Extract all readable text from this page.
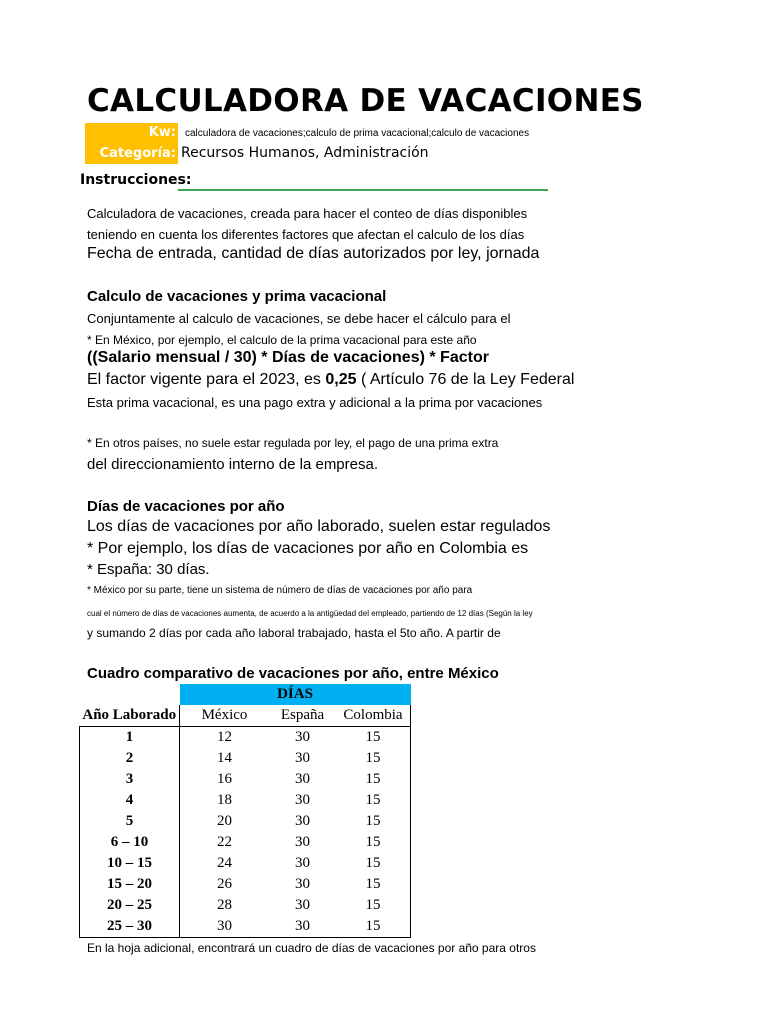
CALCULADORA DE VACACIONES
Kw: calculadora de vacaciones;calculo de prima vacacional;calculo de vacaciones
Categoría: Recursos Humanos, Administración
Instrucciones:
Calculadora de vacaciones, creada para hacer el conteo de días disponibles
teniendo en cuenta los diferentes factores que afectan el calculo de los días
Fecha de entrada, cantidad de días autorizados por ley, jornada
Calculo de vacaciones y prima vacacional
Conjuntamente al calculo de vacaciones, se debe hacer el cálculo para el
* En México, por ejemplo, el calculo de la prima vacacional para este año
((Salario mensual / 30) * Días de vacaciones) * Factor
El factor vigente para el 2023, es 0,25 ( Artículo 76 de la Ley Federal
Esta prima vacacional, es una pago extra y adicional a la prima por vacaciones
* En otros países, no suele estar regulada por ley, el pago de una prima extra
del direccionamiento interno de la empresa.
Días de vacaciones por año
Los días de vacaciones por año laborado, suelen estar regulados
* Por ejemplo, los días de vacaciones por año en Colombia es
* España: 30 días.
* México por su parte, tiene un sistema de número de días de vacaciones por año para
cual el número de días de vacaciones aumenta, de acuerdo a la antigüedad del empleado, partiendo de 12 días (Según la ley
y sumando 2 días por cada año laboral trabajado, hasta el 5to año. A partir de
Cuadro comparativo de vacaciones por año, entre México
	DÍAS		
Año Laborado	México	España	Colombia
1	12	30	15
2	14	30	15
3	16	30	15
4	18	30	15
5	20	30	15
6 – 10	22	30	15
10 – 15	24	30	15
15 – 20	26	30	15
20 – 25	28	30	15
25 – 30	30	30	15
En la hoja adicional, encontrará un cuadro de días de vacaciones por año para otros
